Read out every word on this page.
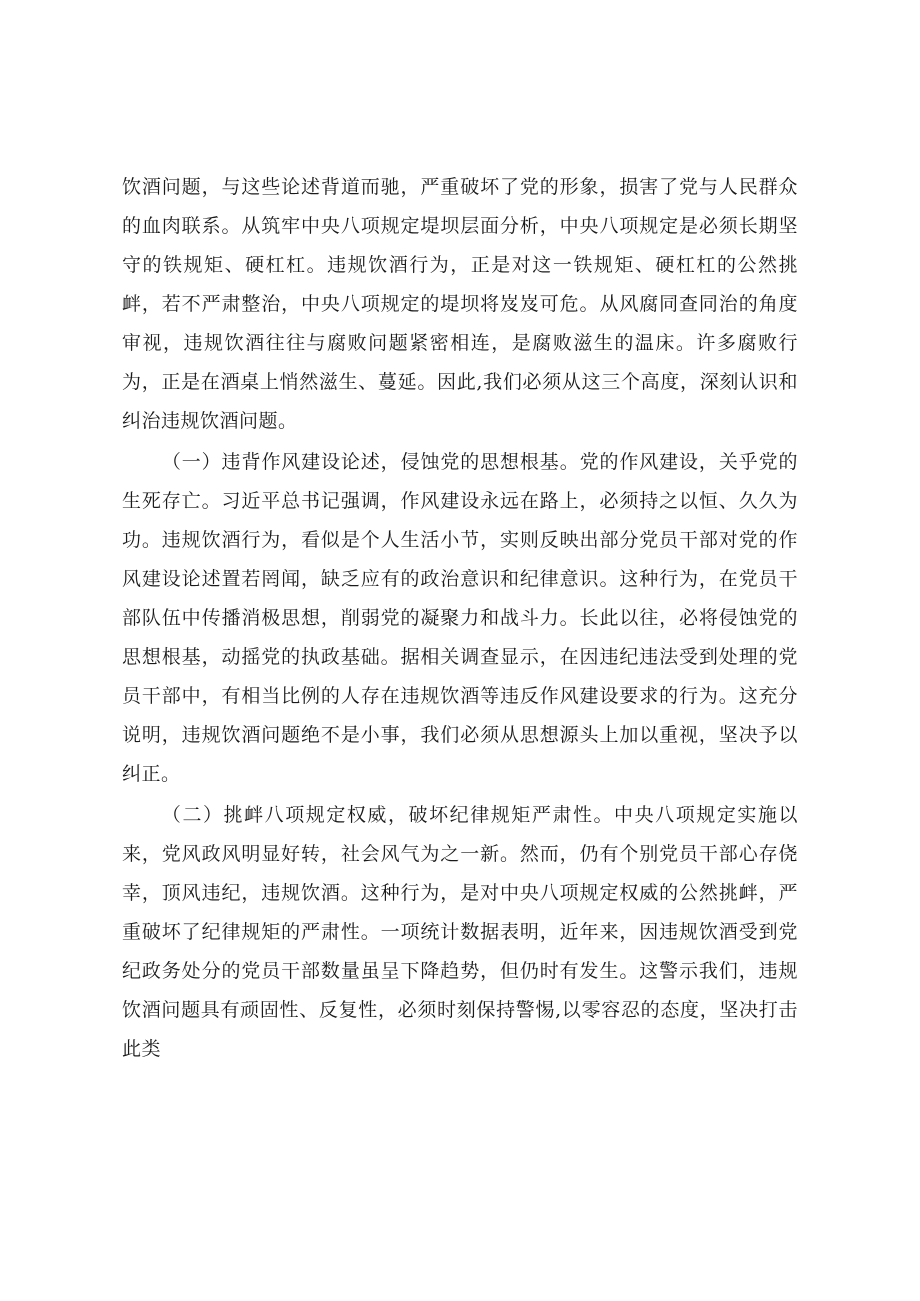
饮酒问题，与这些论述背道而驰，严重破坏了党的形象，损害了党与人民群众的血肉联系。从筑牢中央八项规定堤坝层面分析，中央八项规定是必须长期坚守的铁规矩、硬杠杠。违规饮酒行为，正是对这一铁规矩、硬杠杠的公然挑衅，若不严肃整治，中央八项规定的堤坝将岌岌可危。从风腐同查同治的角度审视，违规饮酒往往与腐败问题紧密相连，是腐败滋生的温床。许多腐败行为，正是在酒桌上悄然滋生、蔓延。因此,我们必须从这三个高度，深刻认识和纠治违规饮酒问题。

（一）违背作风建设论述，侵蚀党的思想根基。党的作风建设，关乎党的生死存亡。习近平总书记强调，作风建设永远在路上，必须持之以恒、久久为功。违规饮酒行为，看似是个人生活小节，实则反映出部分党员干部对党的作风建设论述置若罔闻，缺乏应有的政治意识和纪律意识。这种行为，在党员干部队伍中传播消极思想，削弱党的凝聚力和战斗力。长此以往，必将侵蚀党的思想根基，动摇党的执政基础。据相关调查显示，在因违纪违法受到处理的党员干部中，有相当比例的人存在违规饮酒等违反作风建设要求的行为。这充分说明，违规饮酒问题绝不是小事，我们必须从思想源头上加以重视，坚决予以纠正。

（二）挑衅八项规定权威，破坏纪律规矩严肃性。中央八项规定实施以来，党风政风明显好转，社会风气为之一新。然而，仍有个别党员干部心存侥幸，顶风违纪，违规饮酒。这种行为，是对中央八项规定权威的公然挑衅，严重破坏了纪律规矩的严肃性。一项统计数据表明，近年来，因违规饮酒受到党纪政务处分的党员干部数量虽呈下降趋势，但仍时有发生。这警示我们，违规饮酒问题具有顽固性、反复性，必须时刻保持警惕,以零容忍的态度，坚决打击此类
